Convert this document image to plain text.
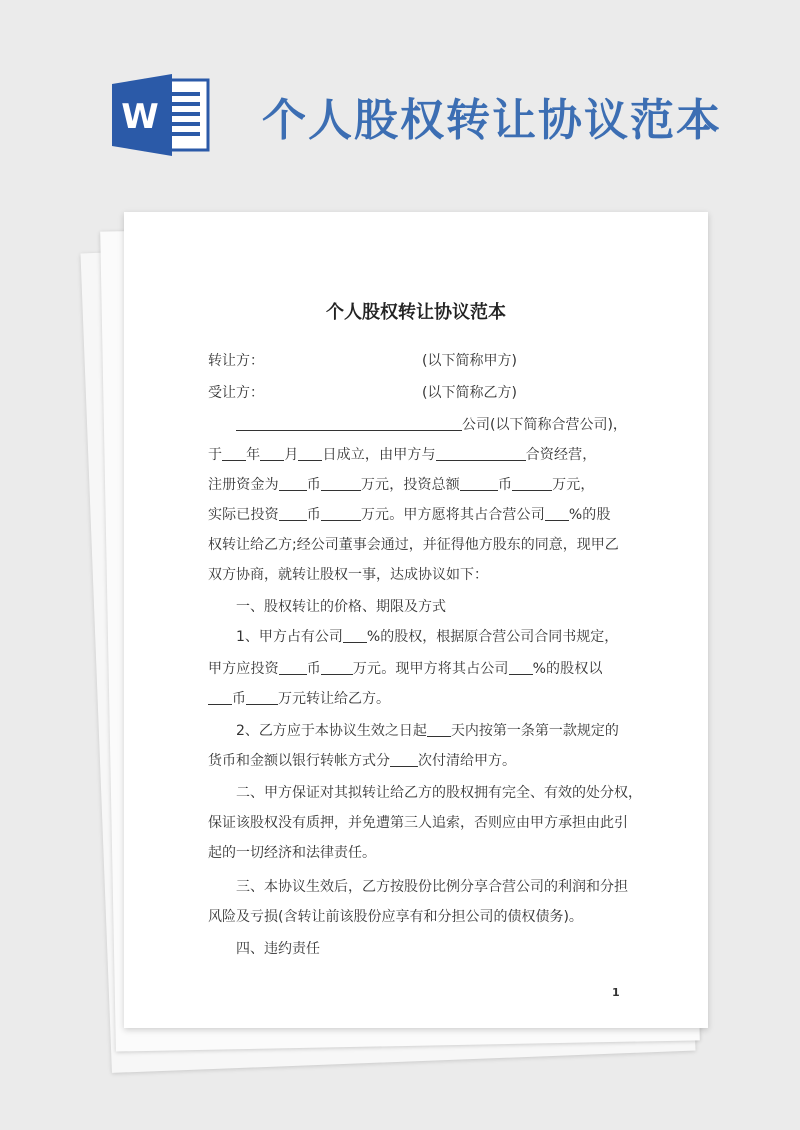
W 个人股权转让协议范本
个人股权转让协议范本
转让方：	(以下简称甲方)
受让方：	(以下简称乙方)
公司(以下简称合营公司)，
于 年 月 日成立，由甲方与	合资经营，
注册资金为 币	万元，投资总额	币	万元，
实际已投资 币	万元。甲方愿将其占合营公司 %的股
权转让给乙方;经公司董事会通过，并征得他方股东的同意，现甲乙
双方协商，就转让股权一事，达成协议如下：
一、股权转让的价格、期限及方式
1、甲方占有公司 %的股权，根据原合营公司合同书规定，
甲方应投资 币 万元。现甲方将其占公司 %的股权以
币 万元转让给乙方。
2、乙方应于本协议生效之日起 天内按第一条第一款规定的
货币和金额以银行转帐方式分 次付清给甲方。
二、甲方保证对其拟转让给乙方的股权拥有完全、有效的处分权，
保证该股权没有质押，并免遭第三人追索，否则应由甲方承担由此引
起的一切经济和法律责任。
三、本协议生效后，乙方按股份比例分享合营公司的利润和分担
风险及亏损(含转让前该股份应享有和分担公司的债权债务)。
四、违约责任
1
